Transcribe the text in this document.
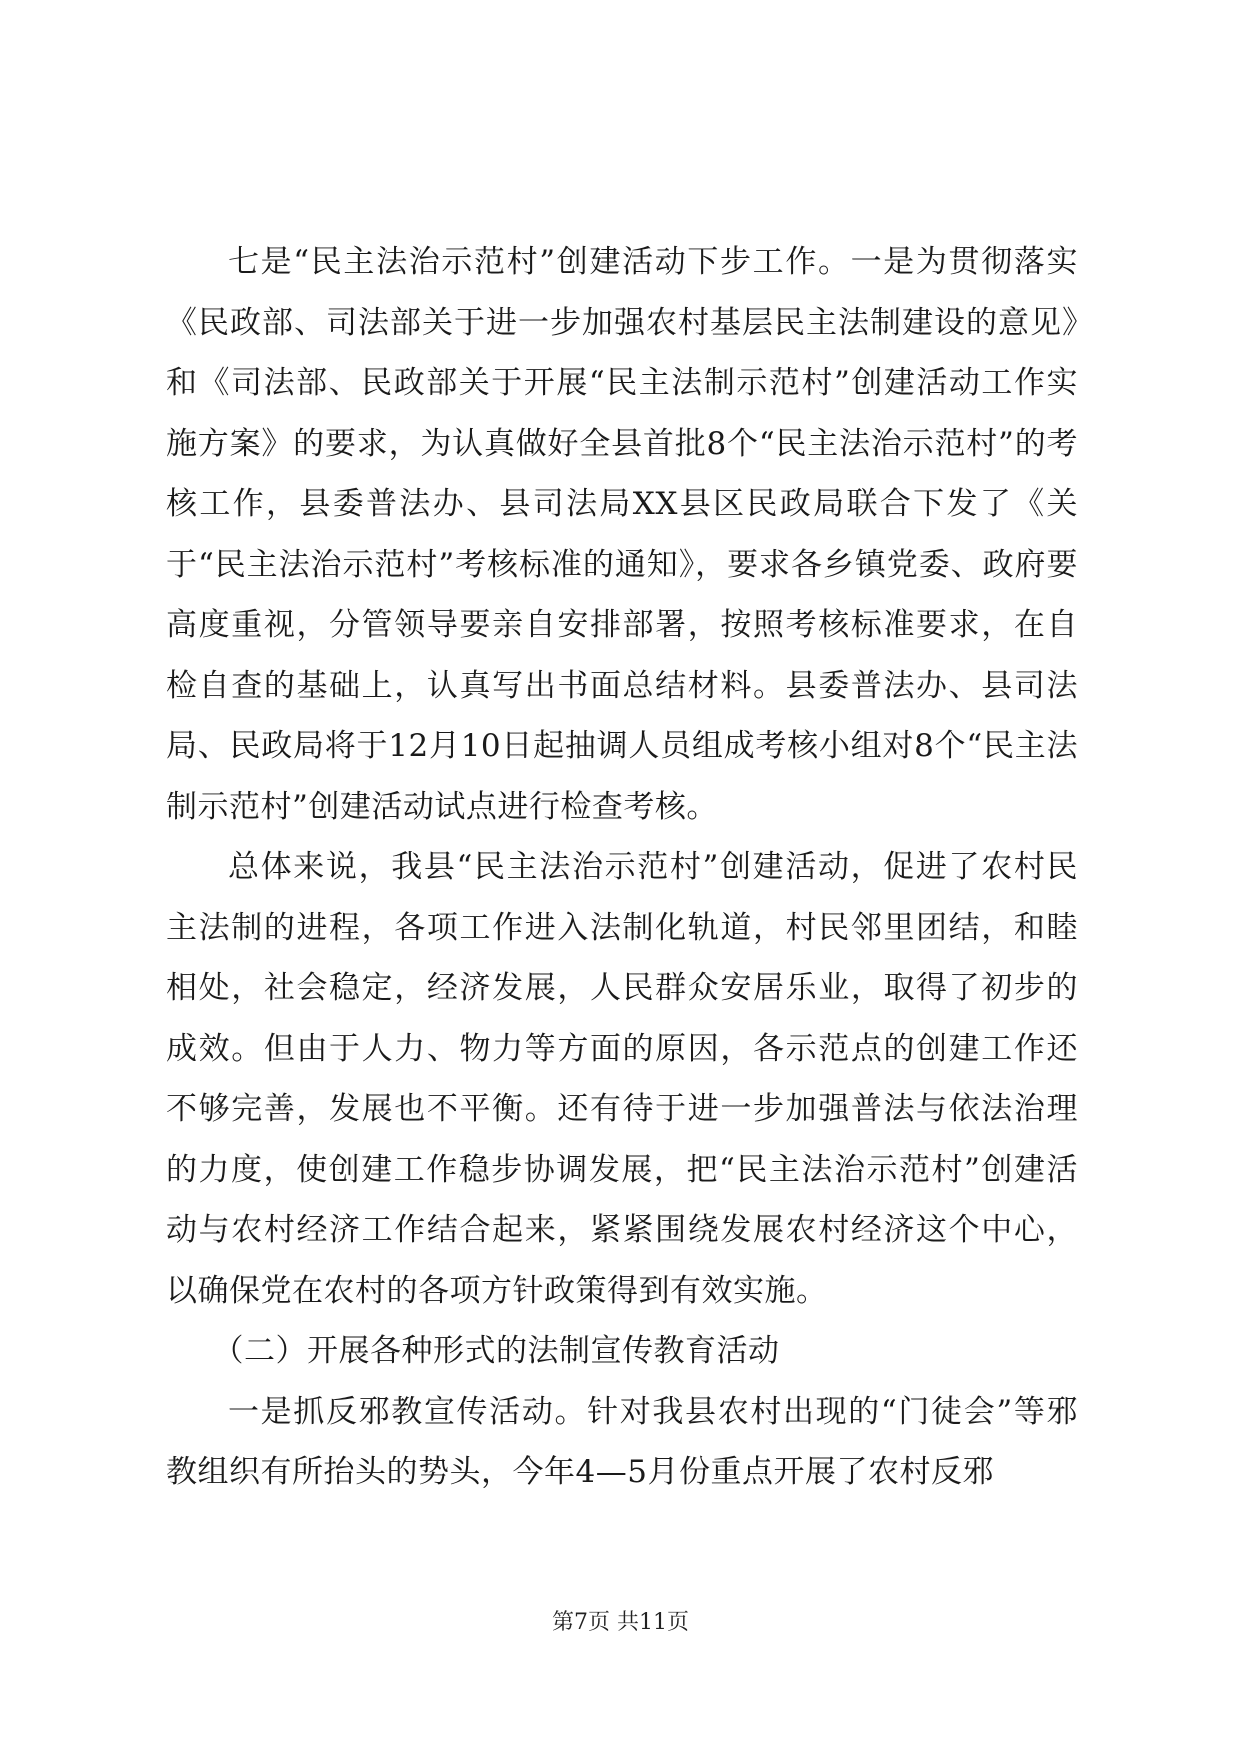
七是“民主法治示范村”创建活动下步工作。一是为贯彻落实《民政部、司法部关于进一步加强农村基层民主法制建设的意见》和《司法部、民政部关于开展“民主法制示范村”创建活动工作实施方案》的要求，为认真做好全县首批8个“民主法治示范村”的考核工作，县委普法办、县司法局XX县区民政局联合下发了《关于“民主法治示范村”考核标准的通知》，要求各乡镇党委、政府要高度重视，分管领导要亲自安排部署，按照考核标准要求，在自检自查的基础上，认真写出书面总结材料。县委普法办、县司法局、民政局将于12月10日起抽调人员组成考核小组对8个“民主法制示范村”创建活动试点进行检查考核。

总体来说，我县“民主法治示范村”创建活动，促进了农村民主法制的进程，各项工作进入法制化轨道，村民邻里团结，和睦相处，社会稳定，经济发展，人民群众安居乐业，取得了初步的成效。但由于人力、物力等方面的原因，各示范点的创建工作还不够完善，发展也不平衡。还有待于进一步加强普法与依法治理的力度，使创建工作稳步协调发展，把“民主法治示范村”创建活动与农村经济工作结合起来，紧紧围绕发展农村经济这个中心，以确保党在农村的各项方针政策得到有效实施。

（二）开展各种形式的法制宣传教育活动

一是抓反邪教宣传活动。针对我县农村出现的“门徒会”等邪教组织有所抬头的势头，今年4—5月份重点开展了农村反邪

第7页 共11页
